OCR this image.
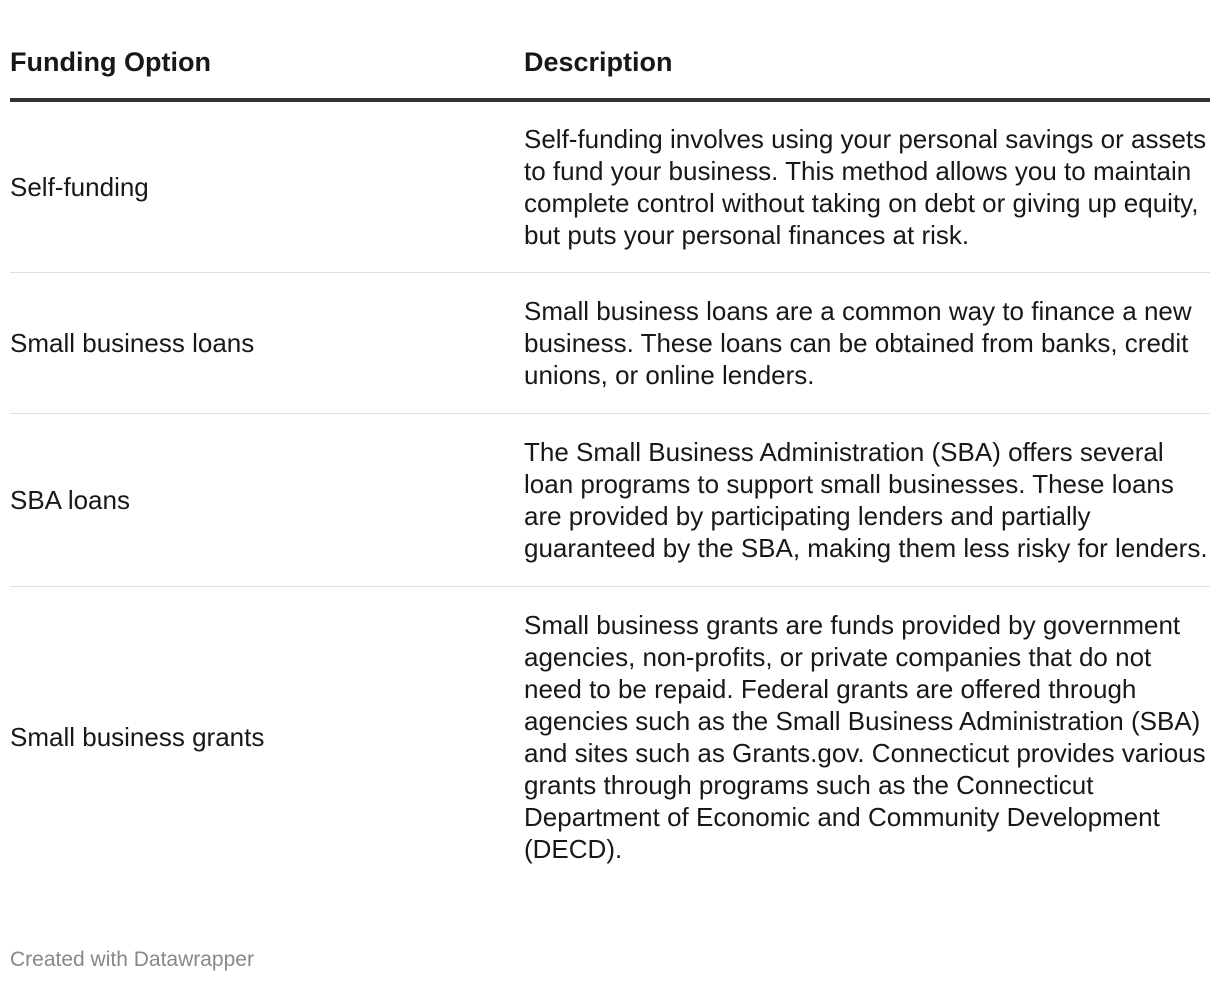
Funding Option	Description
Self-funding	Self-funding involves using your personal savings or assets to fund your business. This method allows you to maintain complete control without taking on debt or giving up equity, but puts your personal finances at risk.
Small business loans	Small business loans are a common way to finance a new business. These loans can be obtained from banks, credit unions, or online lenders.
SBA loans	The Small Business Administration (SBA) offers several loan programs to support small businesses. These loans are provided by participating lenders and partially guaranteed by the SBA, making them less risky for lenders.
Small business grants	Small business grants are funds provided by government agencies, non-profits, or private companies that do not need to be repaid. Federal grants are offered through agencies such as the Small Business Administration (SBA) and sites such as Grants.gov. Connecticut provides various grants through programs such as the Connecticut Department of Economic and Community Development (DECD).
Created with Datawrapper
